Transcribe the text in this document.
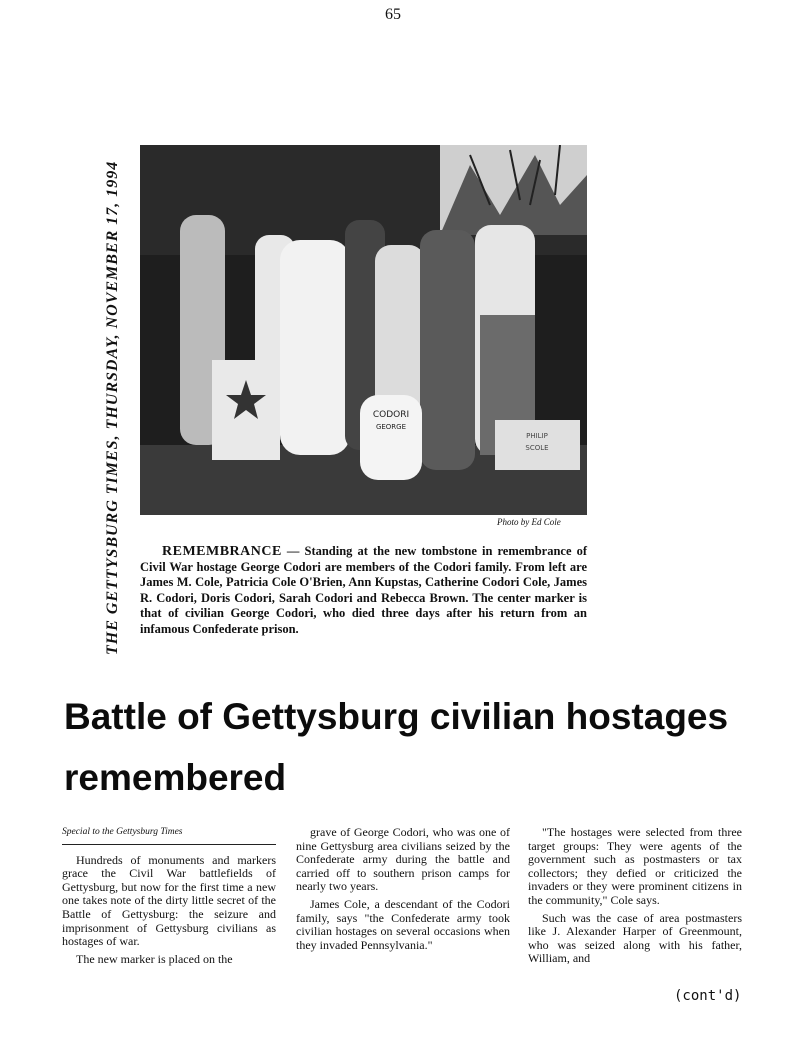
65
THE GETTYSBURG TIMES, THURSDAY, NOVEMBER 17, 1994	CODORI
GEORGE
PHILIP
SCOLE
Photo by Ed Cole
REMEMBRANCE — Standing at the new tombstone in remembrance of Civil War hostage George Codori are members of the Codori family. From left are James M. Cole, Patricia Cole O'Brien, Ann Kupstas, Catherine Codori Cole, James R. Codori, Doris Codori, Sarah Codori and Rebecca Brown. The center marker is that of civilian George Codori, who died three days after his return from an infamous Confederate prison.
Battle of Gettysburg civilian hostages remembered
Special to the Gettysburg Times

Hundreds of monuments and markers grace the Civil War battlefields of Gettysburg, but now for the first time a new one takes note of the dirty little secret of the Battle of Gettysburg: the seizure and imprisonment of Gettysburg civilians as hostages of war.

The new marker is placed on the

grave of George Codori, who was one of nine Gettysburg area civilians seized by the Confederate army during the battle and carried off to southern prison camps for nearly two years.

James Cole, a descendant of the Codori family, says "the Confederate army took civilian hostages on several occasions when they invaded Pennsylvania."

"The hostages were selected from three target groups: They were agents of the government such as postmasters or tax collectors; they defied or criticized the invaders or they were prominent citizens in the community," Cole says.

Such was the case of area postmasters like J. Alexander Harper of Greenmount, who was seized along with his father, William, and

(cont'd)
